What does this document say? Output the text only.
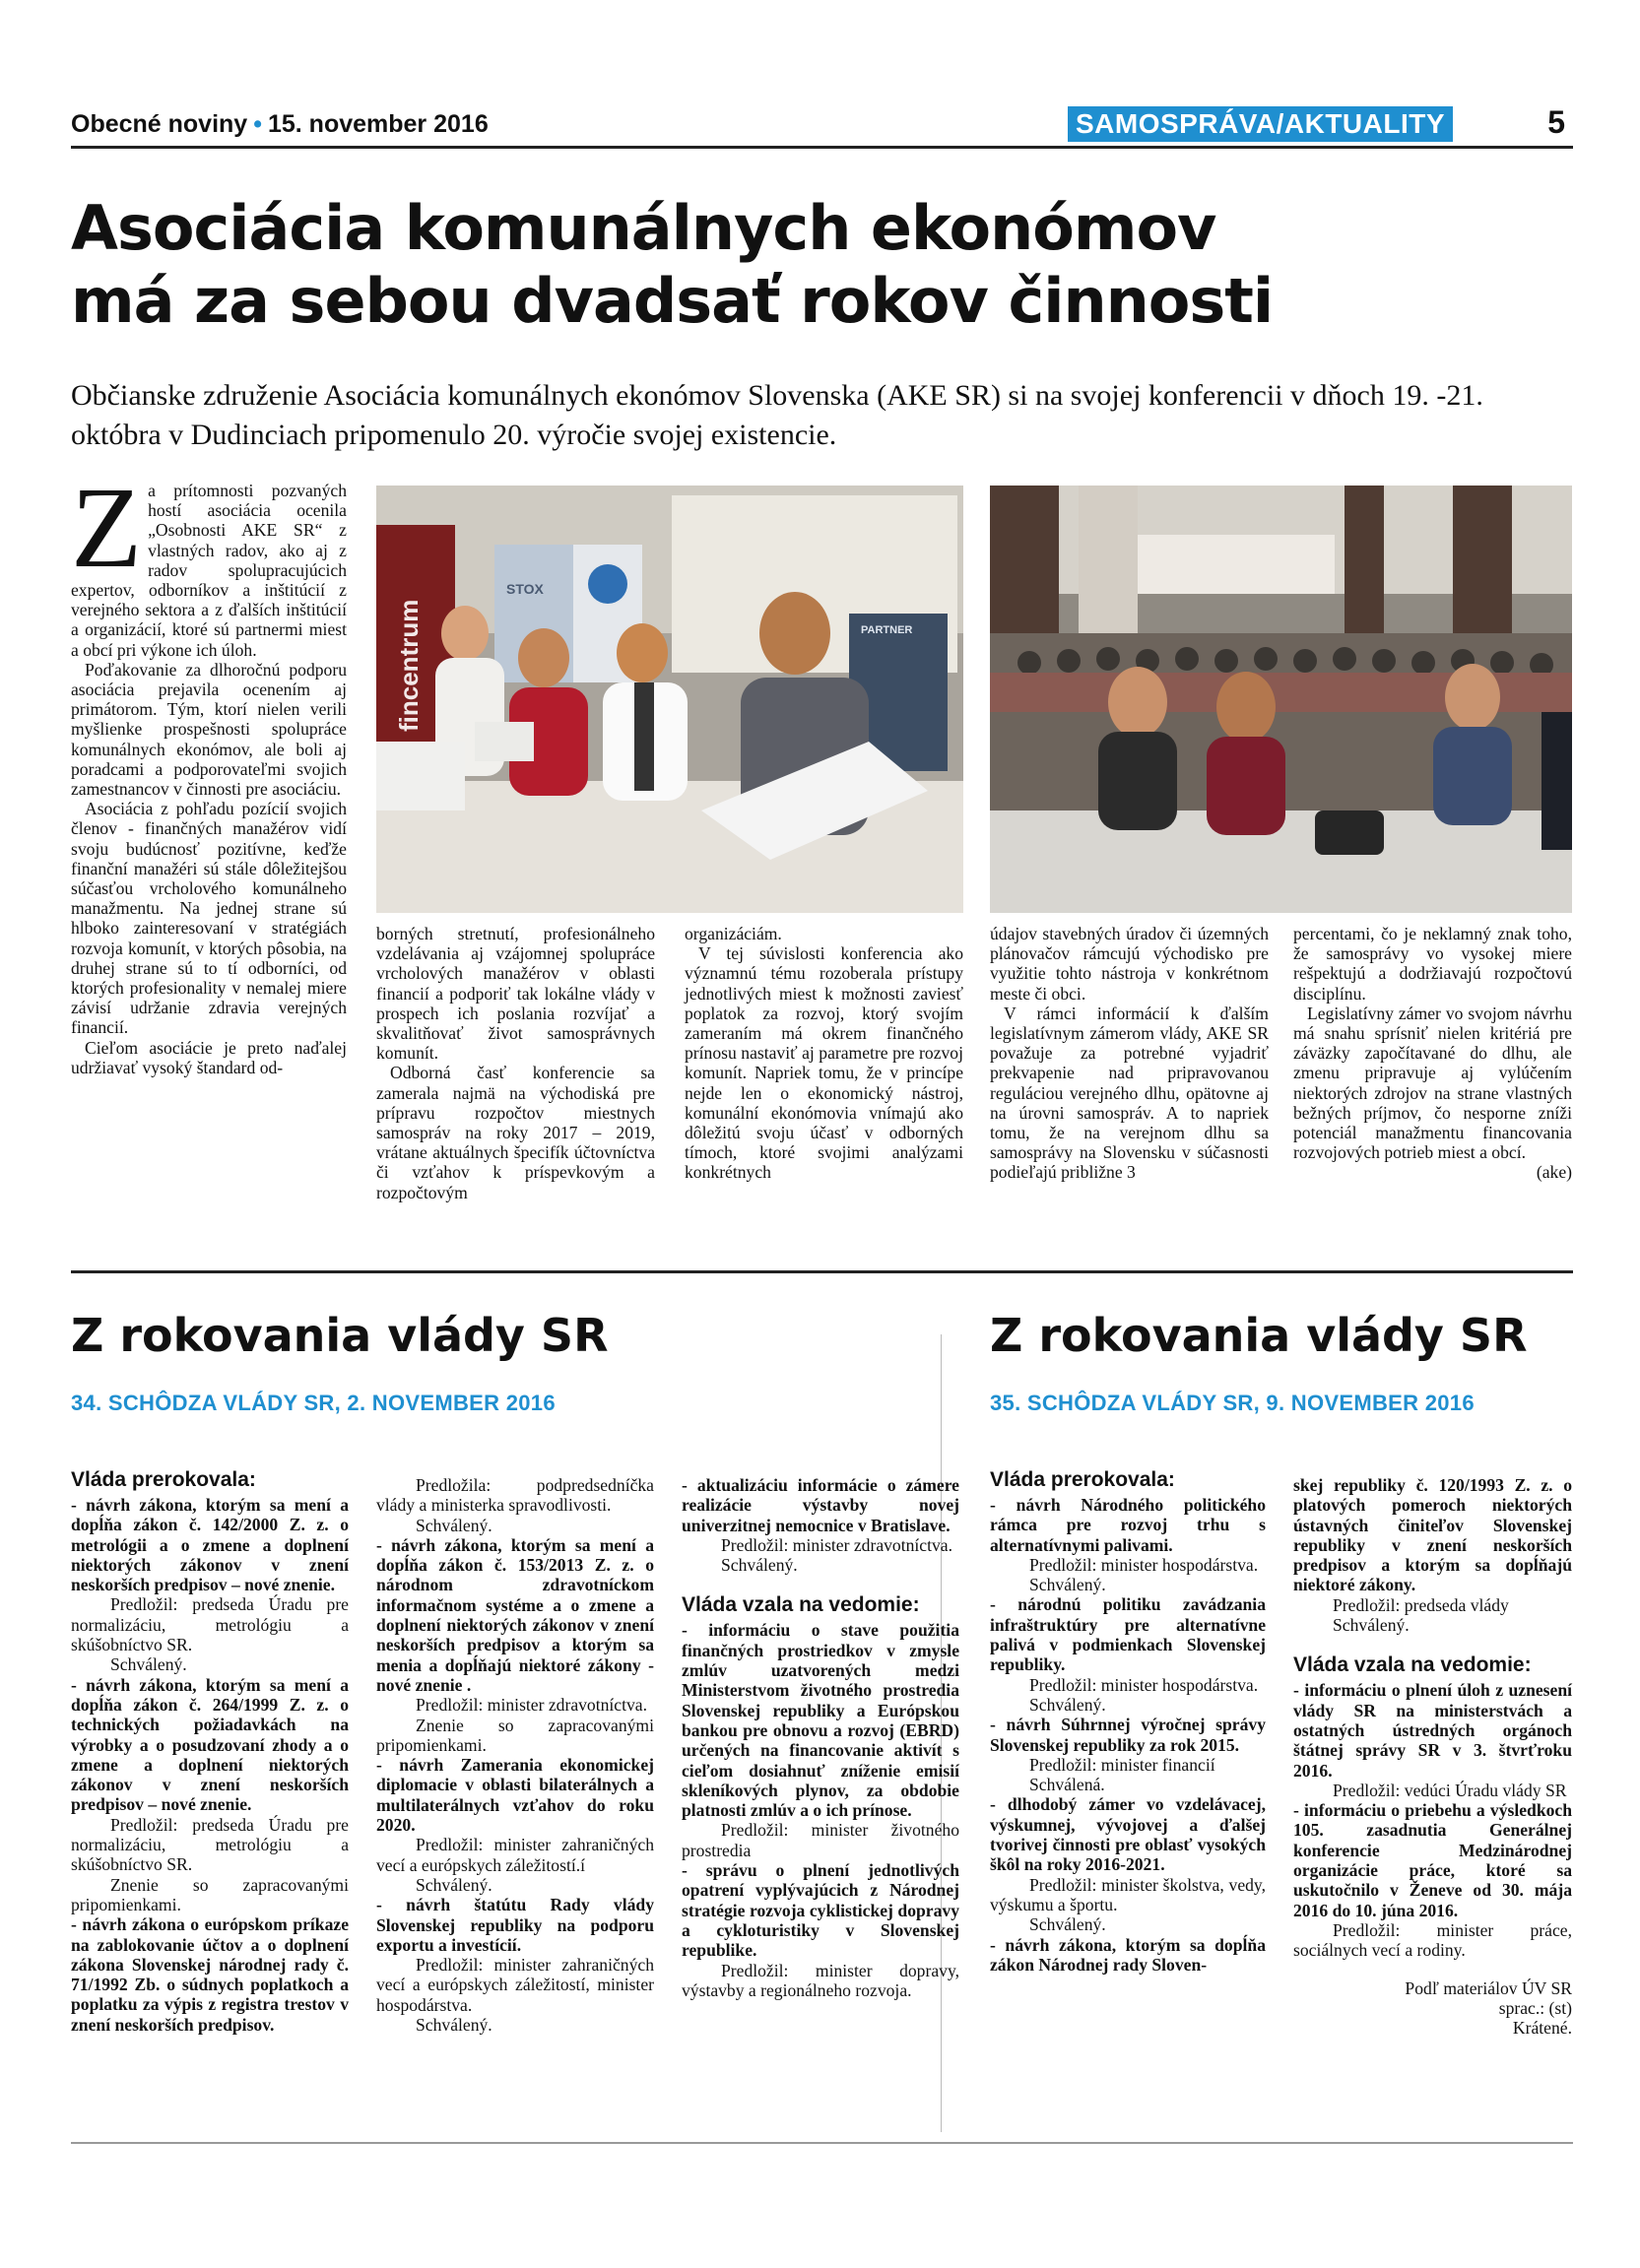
Obecné noviny • 15. november 2016	SAMOSPRÁVA/AKTUALITY	5
Asociácia komunálnych ekonómov
má za sebou dvadsať rokov činnosti

Občianske združenie Asociácia komunálnych ekonómov Slovenska (AKE SR) si na svojej konferencii v dňoch 19. -21. októbra v Dudinciach pripomenulo 20. výročie svojej existencie.

Za prítomnosti pozvaných hostí asociácia ocenila „Osobnosti AKE SR“ z vlastných radov, ako aj z radov spolupracujúcich expertov, odborníkov a inštitúcií z verejného sektora a z ďalších inštitúcií a organizácií, ktoré sú partnermi miest a obcí pri výkone ich úloh.

Poďakovanie za dlhoročnú podporu asociácia prejavila ocenením aj primátorom. Tým, ktorí nielen verili myšlienke prospešnosti spolupráce komunálnych ekonómov, ale boli aj poradcami a podporovateľmi svojich zamestnancov v činnosti pre asociáciu.

Asociácia z pohľadu pozícií svojich členov - finančných manažérov vidí svoju budúcnosť pozitívne, keďže finanční manažéri sú stále dôležitejšou súčasťou vrcholového komunálneho manažmentu. Na jednej strane sú hlboko zainteresovaní v stratégiách rozvoja komunít, v ktorých pôsobia, na druhej strane sú to tí odborníci, od ktorých profesionality v nemalej miere závisí udržanie zdravia verejných financií.

Cieľom asociácie je preto naďalej udržiavať vysoký štandard od-

fincentrum
STOX
PARTNER

borných stretnutí, profesionálneho vzdelávania aj vzájomnej spolupráce vrcholových manažérov v oblasti financií a podporiť tak lokálne vlády v prospech ich poslania rozvíjať a skvalitňovať život samosprávnych komunít.

Odborná časť konferencie sa zamerala najmä na východiská pre prípravu rozpočtov miestnych samospráv na roky 2017 – 2019, vrátane aktuálnych špecifík účtovníctva či vzťahov k príspevkovým a rozpočtovým

organizáciám.

V tej súvislosti konferencia ako významnú tému rozoberala prístupy jednotlivých miest k možnosti zaviesť poplatok za rozvoj, ktorý svojím zameraním má okrem finančného prínosu nastaviť aj parametre pre rozvoj komunít. Napriek tomu, že v princípe nejde len o ekonomický nástroj, komunální ekonómovia vnímajú ako dôležitú svoju účasť v odborných tímoch, ktoré svojimi analýzami konkrétnych

údajov stavebných úradov či územných plánovačov rámcujú východisko pre využitie tohto nástroja v konkrétnom meste či obci.

V rámci informácií k ďalším legislatívnym zámerom vlády, AKE SR považuje za potrebné vyjadriť prekvapenie nad pripravovanou reguláciou verejného dlhu, opätovne aj na úrovni samospráv. A to napriek tomu, že na verejnom dlhu sa samosprávy na Slovensku v súčasnosti podieľajú približne 3

percentami, čo je neklamný znak toho, že samosprávy vo vysokej miere rešpektujú a dodržiavajú rozpočtovú disciplínu.

Legislatívny zámer vo svojom návrhu má snahu sprísniť nielen kritériá pre záväzky započítavané do dlhu, ale zmenu pripravuje aj vylúčením niektorých zdrojov na strane vlastných bežných príjmov, čo nesporne zníži potenciál manažmentu financovania rozvojových potrieb miest a obcí.

(ake)

Z rokovania vlády SR
34. SCHÔDZA VLÁDY SR, 2. NOVEMBER 2016
Z rokovania vlády SR
35. SCHÔDZA VLÁDY SR, 9. NOVEMBER 2016

Vláda prerokovala:

- návrh zákona, ktorým sa mení a dopĺňa zákon č. 142/2000 Z. z. o metrológii a o zmene a doplnení niektorých zákonov v znení neskorších predpisov – nové znenie.

Predložil: predseda Úradu pre normalizáciu, metrológiu a skúšobníctvo SR.

Schválený.

- návrh zákona, ktorým sa mení a dopĺňa zákon č. 264/1999 Z. z. o technických požiadavkách na výrobky a o posudzovaní zhody a o zmene a doplnení niektorých zákonov v znení neskorších predpisov – nové znenie.

Predložil: predseda Úradu pre normalizáciu, metrológiu a skúšobníctvo SR.

Znenie so zapracovanými pripomienkami.

- návrh zákona o európskom príkaze na zablokovanie účtov a o doplnení zákona Slovenskej národnej rady č. 71/1992 Zb. o súdnych poplatkoch a poplatku za výpis z registra trestov v znení neskorších predpisov.

Predložila: podpredsedníčka vlády a ministerka spravodlivosti.

Schválený.

- návrh zákona, ktorým sa mení a dopĺňa zákon č. 153/2013 Z. z. o národnom zdravotníckom informačnom systéme a o zmene a doplnení niektorých zákonov v znení neskorších predpisov a ktorým sa menia a dopĺňajú niektoré zákony - nové znenie .

Predložil: minister zdravotníctva.

Znenie so zapracovanými pripomienkami.

- návrh Zamerania ekonomickej diplomacie v oblasti bilaterálnych a multilaterálnych vzťahov do roku 2020.

Predložil: minister zahraničných vecí a európskych záležitostí.í

Schválený.

- návrh štatútu Rady vlády Slovenskej republiky na podporu exportu a investícií.

Predložil: minister zahraničných vecí a európskych záležitostí, minister hospodárstva.

Schválený.

- aktualizáciu informácie o zámere realizácie výstavby novej univerzitnej nemocnice v Bratislave.

Predložil: minister zdravotníctva.

Schválený.

Vláda vzala na vedomie:

- informáciu o stave použitia finančných prostriedkov v zmysle zmlúv uzatvorených medzi Ministerstvom životného prostredia Slovenskej republiky a Európskou bankou pre obnovu a rozvoj (EBRD) určených na financovanie aktivít s cieľom dosiahnuť zníženie emisií skleníkových plynov, za obdobie platnosti zmlúv a o ich prínose.

Predložil: minister životného prostredia

- správu o plnení jednotlivých opatrení vyplývajúcich z Národnej stratégie rozvoja cyklistickej dopravy a cykloturistiky v Slovenskej republike.

Predložil: minister dopravy, výstavby a regionálneho rozvoja.

Vláda prerokovala:

- návrh Národného politického rámca pre rozvoj trhu s alternatívnymi palivami.

Predložil: minister hospodárstva.

Schválený.

- národnú politiku zavádzania infraštruktúry pre alternatívne palivá v podmienkach Slovenskej republiky.

Predložil: minister hospodárstva.

Schválený.

- návrh Súhrnnej výročnej správy Slovenskej republiky za rok 2015.

Predložil: minister financií

Schválená.

- dlhodobý zámer vo vzdelávacej, výskumnej, vývojovej a ďalšej tvorivej činnosti pre oblasť vysokých škôl na roky 2016-2021.

Predložil: minister školstva, vedy, výskumu a športu.

Schválený.

- návrh zákona, ktorým sa dopĺňa zákon Národnej rady Sloven-

skej republiky č. 120/1993 Z. z. o platových pomeroch niektorých ústavných činiteľov Slovenskej republiky v znení neskorších predpisov a ktorým sa dopĺňajú niektoré zákony.

Predložil: predseda vlády

Schválený.

Vláda vzala na vedomie:

- informáciu o plnení úloh z uznesení vlády SR na ministerstvách a ostatných ústredných orgánoch štátnej správy SR v 3. štvrťroku 2016.

Predložil: vedúci Úradu vlády SR

- informáciu o priebehu a výsledkoch 105. zasadnutia Generálnej konferencie Medzinárodnej organizácie práce, ktoré sa uskutočnilo v Ženeve od 30. mája 2016 do 10. júna 2016.

Predložil: minister práce, sociálnych vecí a rodiny.

Podľ materiálov ÚV SR

sprac.: (st)

Krátené.
